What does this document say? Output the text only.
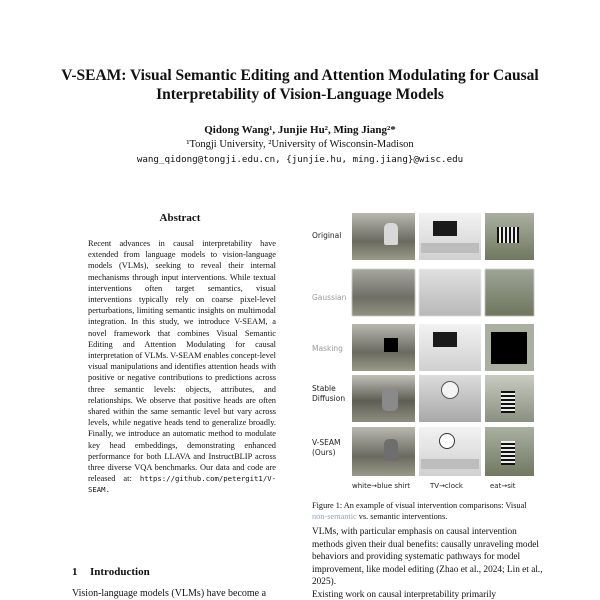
V-SEAM: Visual Semantic Editing and Attention Modulating for Causal Interpretability of Vision-Language Models
Qidong Wang¹, Junjie Hu², Ming Jiang²*
¹Tongji University, ²University of Wisconsin-Madison
wang_qidong@tongji.edu.cn, {junjie.hu, ming.jiang}@wisc.edu
Abstract

Recent advances in causal interpretability have extended from language models to vision-language models (VLMs), seeking to reveal their internal mechanisms through input interventions. While textual interventions often target semantics, visual interventions typically rely on coarse pixel-level perturbations, limiting semantic insights on multimodal integration. In this study, we introduce V-SEAM, a novel framework that combines Visual Semantic Editing and Attention Modulating for causal interpretation of VLMs. V-SEAM enables concept-level visual manipulations and identifies attention heads with positive or negative contributions to predictions across three semantic levels: objects, attributes, and relationships. We observe that positive heads are often shared within the same semantic level but vary across levels, while negative heads tend to generalize broadly. Finally, we introduce an automatic method to modulate key head embeddings, demonstrating enhanced performance for both LLAVA and InstructBLIP across three diverse VQA benchmarks. Our data and code are released at: https://github.com/petergit1/V-SEAM.

1 Introduction

Vision-language models (VLMs) have become a

Original
Gaussian
Masking
Stable Diffusion
V-SEAM (Ours)
white→blue shirt	TV→clock	eat→sit

Figure 1: An example of visual intervention comparisons: Visual non-semantic vs. semantic interventions.

VLMs, with particular emphasis on causal intervention methods given their dual benefits: causally unraveling model behaviors and providing systematic pathways for model improvement, like model editing (Zhao et al., 2024; Lin et al., 2025).

Existing work on causal interpretability primarily
